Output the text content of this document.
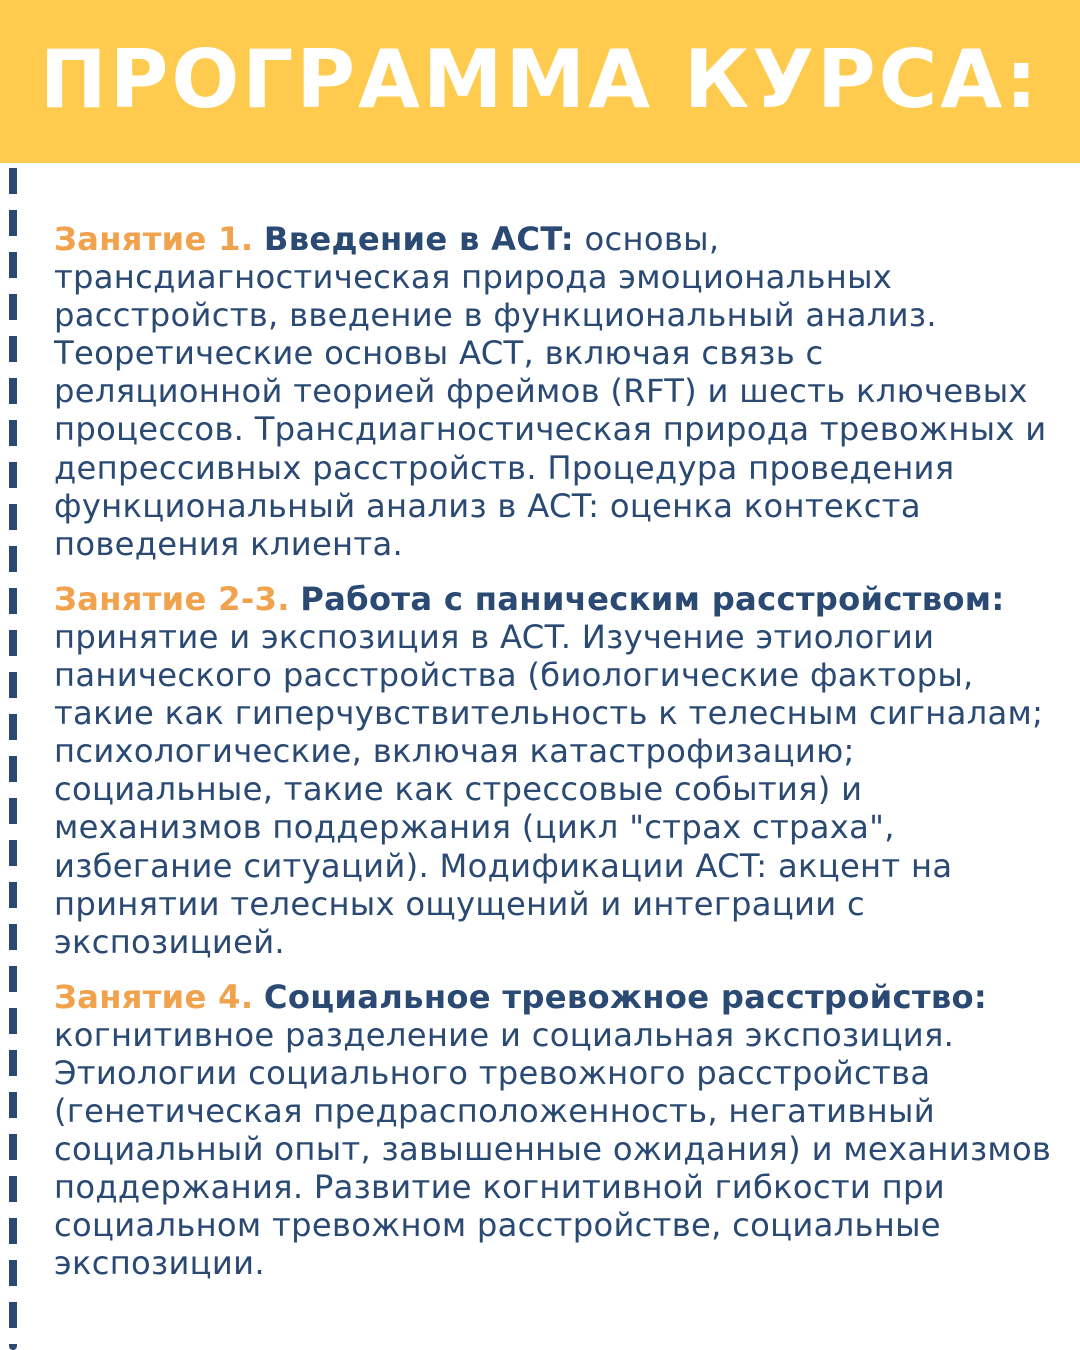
ПРОГРАММА КУРСА:

Занятие 1. Введение в ACT: основы, трансдиагностическая природа эмоциональных расстройств, введение в функциональный анализ. Теоретические основы ACT, включая связь с реляционной теорией фреймов (RFT) и шесть ключевых процессов. Трансдиагностическая природа тревожных и депрессивных расстройств. Процедура проведения функциональный анализ в ACT: оценка контекста поведения клиента.

Занятие 2-3. Работа с паническим расстройством: принятие и экспозиция в ACT. Изучение этиологии панического расстройства (биологические факторы, такие как гиперчувствительность к телесным сигналам; психологические, включая катастрофизацию; социальные, такие как стрессовые события) и механизмов поддержания (цикл "страх страха", избегание ситуаций). Модификации ACT: акцент на принятии телесных ощущений и интеграции с экспозицией.

Занятие 4. Социальное тревожное расстройство: когнитивное разделение и социальная экспозиция. Этиологии социального тревожного расстройства (генетическая предрасположенность, негативный социальный опыт, завышенные ожидания) и механизмов поддержания. Развитие когнитивной гибкости при социальном тревожном расстройстве, социальные экспозиции.
